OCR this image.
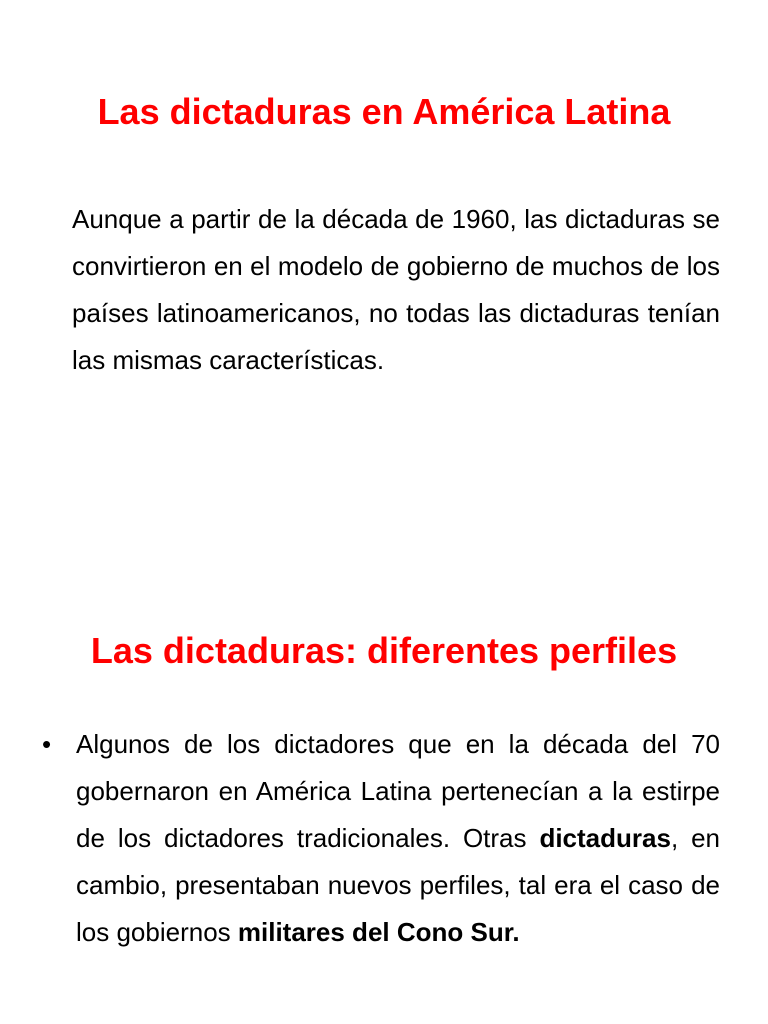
Las dictaduras en América Latina

Aunque a partir de la década de 1960, las dictaduras se convirtieron en el modelo de gobierno de muchos de los países latinoamericanos, no todas las dictaduras tenían las mismas características.

Las dictaduras: diferentes perfiles
• Algunos de los dictadores que en la década del 70 gobernaron en América Latina pertenecían a la estirpe de los dictadores tradicionales. Otras dictaduras, en cambio, presentaban nuevos perfiles, tal era el caso de los gobiernos militares del Cono Sur.
